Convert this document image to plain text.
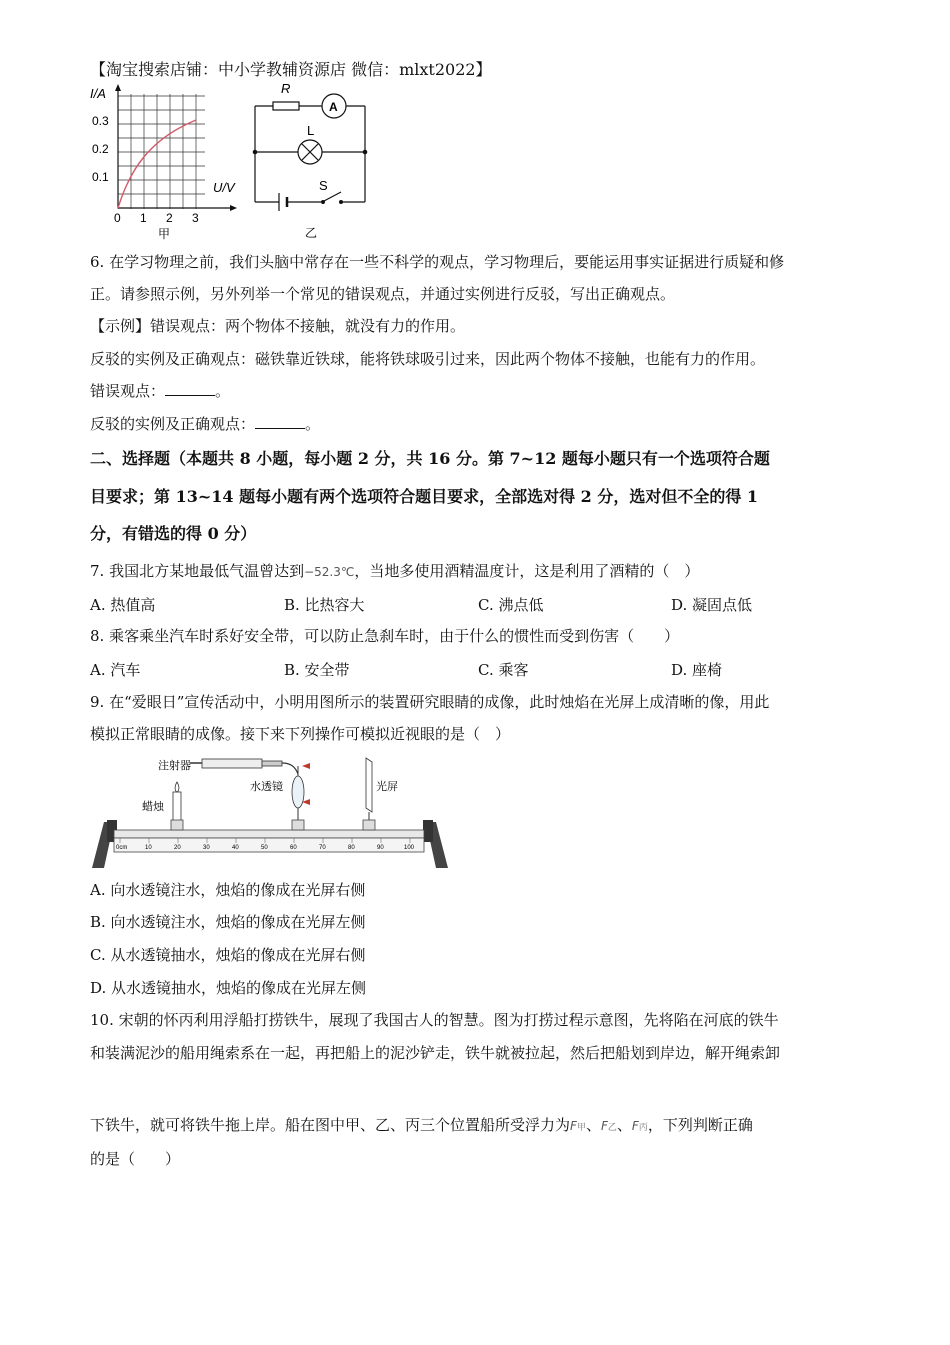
【淘宝搜索店铺：中小学教辅资源店 微信：mlxt2022】
I/A
U/V
0.3
0.2
0.1
0 1 2 3
甲
A
R
L
S
乙
6. 在学习物理之前，我们头脑中常存在一些不科学的观点，学习物理后，要能运用事实证据进行质疑和修
正。请参照示例，另外列举一个常见的错误观点，并通过实例进行反驳，写出正确观点。
【示例】错误观点：两个物体不接触，就没有力的作用。
反驳的实例及正确观点：磁铁靠近铁球，能将铁球吸引过来，因此两个物体不接触，也能有力的作用。
错误观点：	。
反驳的实例及正确观点：	。
二、选择题（本题共 8 小题，每小题 2 分，共 16 分。第 7~12 题每小题只有一个选项符合题
目要求；第 13~14 题每小题有两个选项符合题目要求，全部选对得 2 分，选对但不全的得 1
分，有错选的得 0 分）
7. 我国北方某地最低气温曾达到−52.3℃，当地多使用酒精温度计，这是利用了酒精的（　）
A. 热值高	B. 比热容大	C. 沸点低	D. 凝固点低
8. 乘客乘坐汽车时系好安全带，可以防止急刹车时，由于什么的惯性而受到伤害（　　）
A. 汽车	B. 安全带	C. 乘客	D. 座椅
9. 在“爱眼日”宣传活动中，小明用图所示的装置研究眼睛的成像，此时烛焰在光屏上成清晰的像，用此
模拟正常眼睛的成像。接下来下列操作可模拟近视眼的是（　）
0cm	10	20	30	40	50	60	70	80	90	100
注射器
水透镜
蜡烛
光屏
A. 向水透镜注水，烛焰的像成在光屏右侧
B. 向水透镜注水，烛焰的像成在光屏左侧
C. 从水透镜抽水，烛焰的像成在光屏右侧
D. 从水透镜抽水，烛焰的像成在光屏左侧
10. 宋朝的怀丙利用浮船打捞铁牛，展现了我国古人的智慧。图为打捞过程示意图，先将陷在河底的铁牛
和装满泥沙的船用绳索系在一起，再把船上的泥沙铲走，铁牛就被拉起，然后把船划到岸边，解开绳索卸
下铁牛，就可将铁牛拖上岸。船在图中甲、乙、丙三个位置船所受浮力为F甲、F乙、F丙，下列判断正确
的是（　　）
